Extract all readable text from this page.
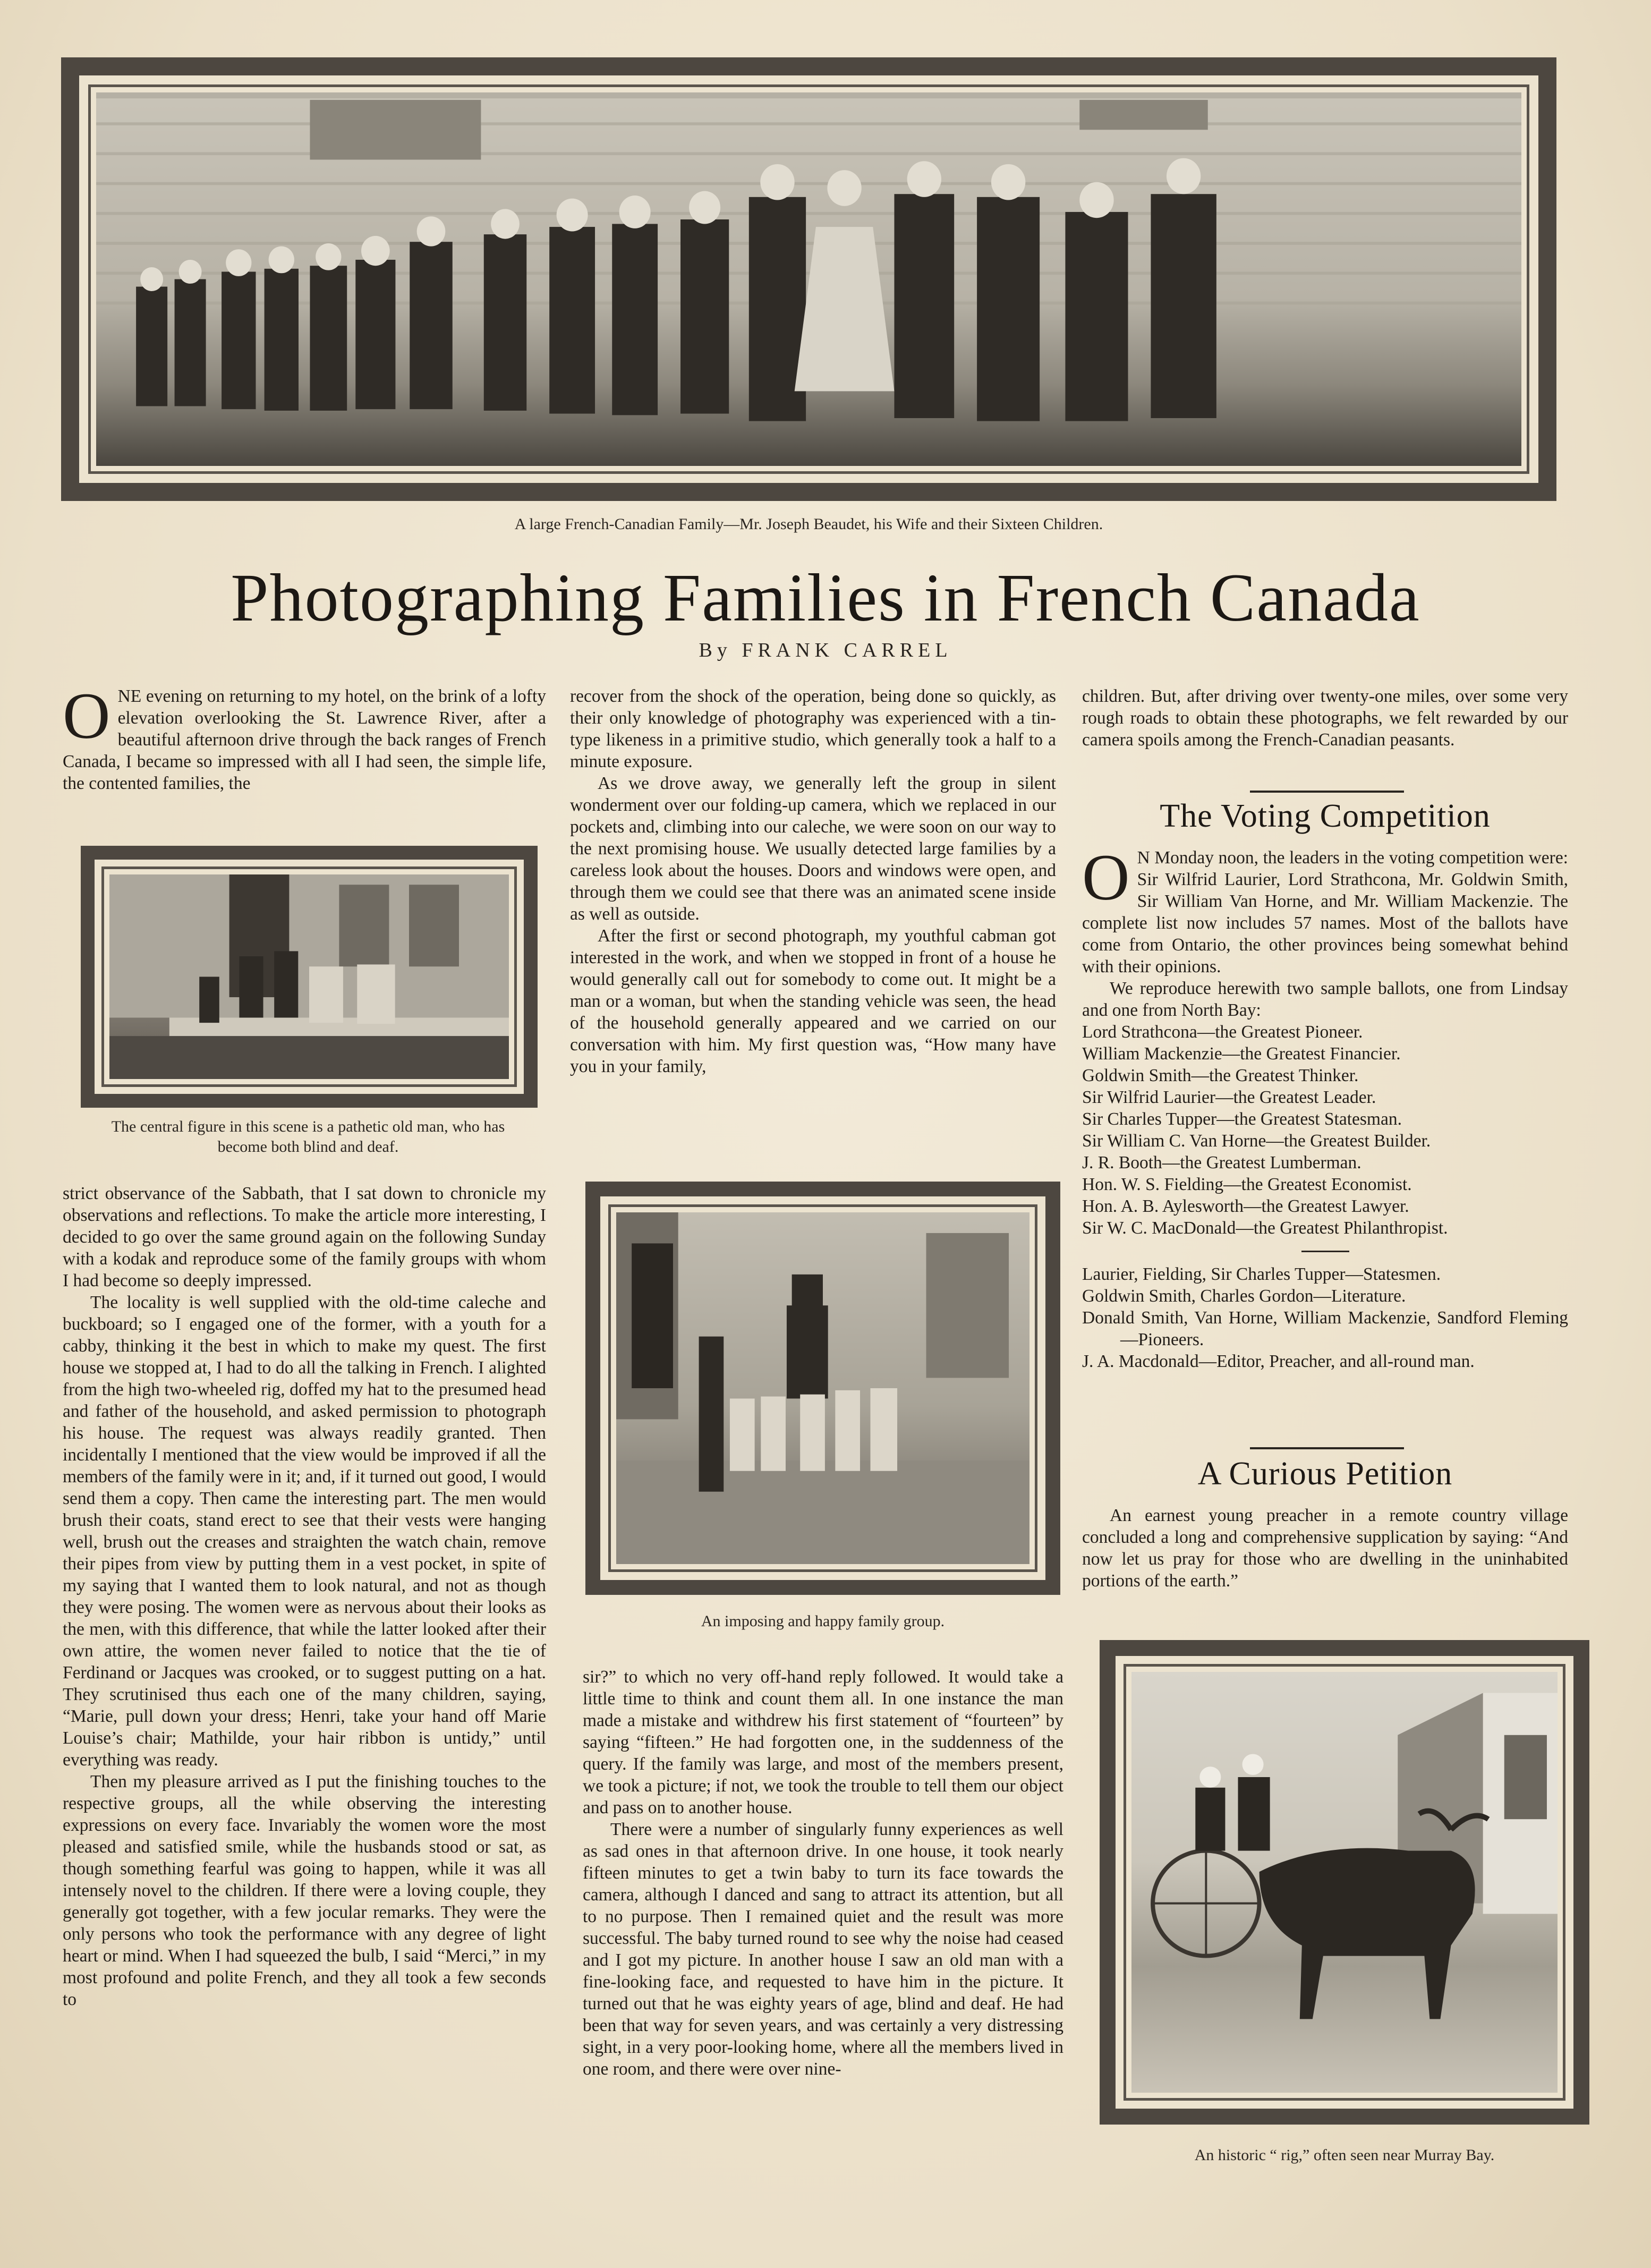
A large French-Canadian Family—Mr. Joseph Beaudet, his Wife and their Sixteen Children.
Photographing Families in French Canada
By FRANK CARREL

ONE evening on returning to my hotel, on the brink of a lofty elevation overlooking the St. Lawrence River, after a beautiful afternoon drive through the back ranges of French Canada, I became so impressed with all I had seen, the simple life, the contented families, the

The central figure in this scene is a pathetic old man, who has become both blind and deaf.

strict observance of the Sabbath, that I sat down to chronicle my observations and reflections. To make the article more interesting, I decided to go over the same ground again on the following Sunday with a kodak and reproduce some of the family groups with whom I had become so deeply impressed.

The locality is well supplied with the old-time caleche and buckboard; so I engaged one of the former, with a youth for a cabby, thinking it the best in which to make my quest. The first house we stopped at, I had to do all the talking in French. I alighted from the high two-wheeled rig, doffed my hat to the presumed head and father of the household, and asked permission to photograph his house. The request was always readily granted. Then incidentally I mentioned that the view would be improved if all the members of the family were in it; and, if it turned out good, I would send them a copy. Then came the interesting part. The men would brush their coats, stand erect to see that their vests were hanging well, brush out the creases and straighten the watch chain, remove their pipes from view by putting them in a vest pocket, in spite of my saying that I wanted them to look natural, and not as though they were posing. The women were as nervous about their looks as the men, with this difference, that while the latter looked after their own attire, the women never failed to notice that the tie of Ferdinand or Jacques was crooked, or to suggest putting on a hat. They scrutinised thus each one of the many children, saying, “Marie, pull down your dress; Henri, take your hand off Marie Louise’s chair; Mathilde, your hair ribbon is untidy,” until everything was ready.

Then my pleasure arrived as I put the finishing touches to the respective groups, all the while observing the interesting expressions on every face. Invariably the women wore the most pleased and satisfied smile, while the husbands stood or sat, as though something fearful was going to happen, while it was all intensely novel to the children. If there were a loving couple, they generally got together, with a few jocular remarks. They were the only persons who took the performance with any degree of light heart or mind. When I had squeezed the bulb, I said “Merci,” in my most profound and polite French, and they all took a few seconds to

recover from the shock of the operation, being done so quickly, as their only knowledge of photography was experienced with a tin-type likeness in a primitive studio, which generally took a half to a minute exposure.

As we drove away, we generally left the group in silent wonderment over our folding-up camera, which we replaced in our pockets and, climbing into our caleche, we were soon on our way to the next promising house. We usually detected large families by a careless look about the houses. Doors and windows were open, and through them we could see that there was an animated scene inside as well as outside.

After the first or second photograph, my youthful cabman got interested in the work, and when we stopped in front of a house he would generally call out for somebody to come out. It might be a man or a woman, but when the standing vehicle was seen, the head of the household generally appeared and we carried on our conversation with him. My first question was, “How many have you in your family,

An imposing and happy family group.

sir?” to which no very off-hand reply followed. It would take a little time to think and count them all. In one instance the man made a mistake and withdrew his first statement of “fourteen” by saying “fifteen.” He had forgotten one, in the suddenness of the query. If the family was large, and most of the members present, we took a picture; if not, we took the trouble to tell them our object and pass on to another house.

There were a number of singularly funny experiences as well as sad ones in that afternoon drive. In one house, it took nearly fifteen minutes to get a twin baby to turn its face towards the camera, although I danced and sang to attract its attention, but all to no purpose. Then I remained quiet and the result was more successful. The baby turned round to see why the noise had ceased and I got my picture. In another house I saw an old man with a fine-looking face, and requested to have him in the picture. It turned out that he was eighty years of age, blind and deaf. He had been that way for seven years, and was certainly a very distressing sight, in a very poor-looking home, where all the members lived in one room, and there were over nine-

children. But, after driving over twenty-one miles, over some very rough roads to obtain these photographs, we felt rewarded by our camera spoils among the French-Canadian peasants.

The Voting Competition

O N Monday noon, the leaders in the voting competition were: Sir Wilfrid Laurier, Lord Strathcona, Mr. Goldwin Smith, Sir William Van Horne, and Mr. William Mackenzie. The complete list now includes 57 names. Most of the ballots have come from Ontario, the other provinces being somewhat behind with their opinions.

We reproduce herewith two sample ballots, one from Lindsay and one from North Bay:

Lord Strathcona—the Greatest Pioneer.

William Mackenzie—the Greatest Financier.

Goldwin Smith—the Greatest Thinker.

Sir Wilfrid Laurier—the Greatest Leader.

Sir Charles Tupper—the Greatest Statesman.

Sir William C. Van Horne—the Greatest Builder.

J. R. Booth—the Greatest Lumberman.

Hon. W. S. Fielding—the Greatest Economist.

Hon. A. B. Aylesworth—the Greatest Lawyer.

Sir W. C. MacDonald—the Greatest Philanthropist.

Laurier, Fielding, Sir Charles Tupper—Statesmen.

Goldwin Smith, Charles Gordon—Literature.

Donald Smith, Van Horne, William Mackenzie, Sandford Fleming—Pioneers.

J. A. Macdonald—Editor, Preacher, and all-round man.

A Curious Petition

An earnest young preacher in a remote country village concluded a long and comprehensive supplication by saying: “And now let us pray for those who are dwelling in the uninhabited portions of the earth.”

An historic “ rig,” often seen near Murray Bay.
